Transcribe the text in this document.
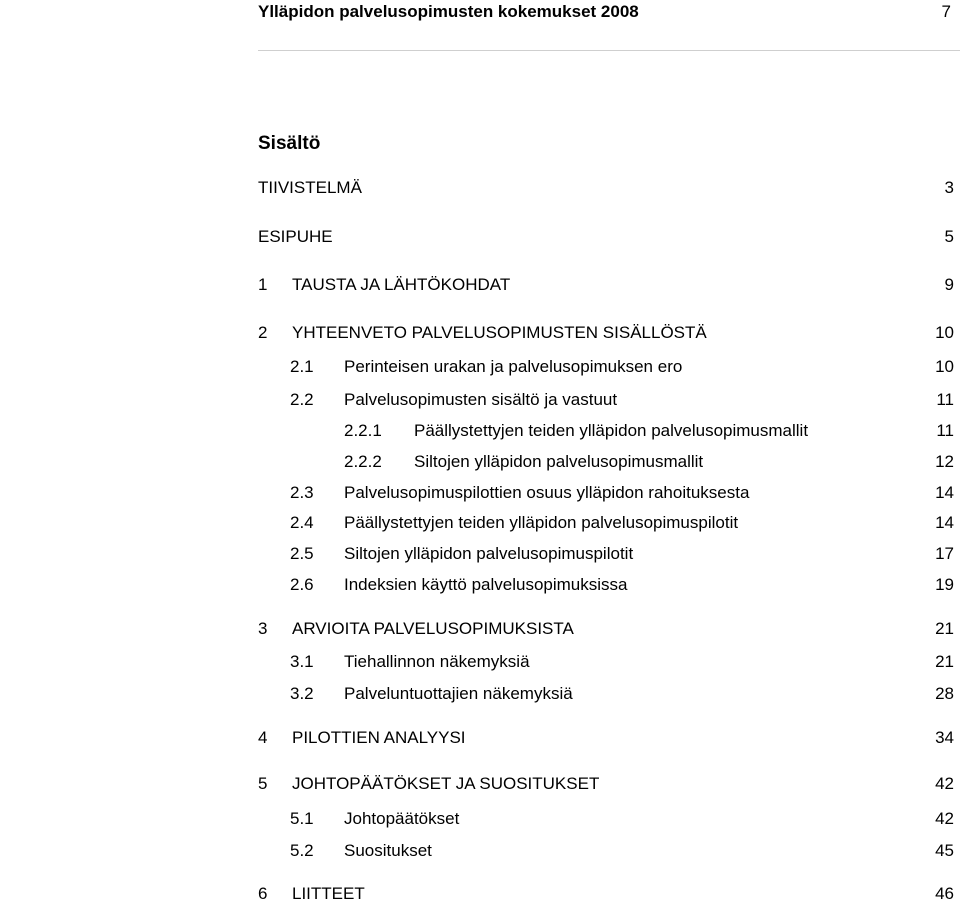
Ylläpidon palvelusopimusten kokemukset 2008	7
Sisältö
TIIVISTELMÄ	3
ESIPUHE	5
1 TAUSTA JA LÄHTÖKOHDAT	9
2 YHTEENVETO PALVELUSOPIMUSTEN SISÄLLÖSTÄ	10
2.1 Perinteisen urakan ja palvelusopimuksen ero	10
2.2 Palvelusopimusten sisältö ja vastuut	11
2.2.1 Päällystettyjen teiden ylläpidon palvelusopimusmallit	11
2.2.2 Siltojen ylläpidon palvelusopimusmallit	12
2.3 Palvelusopimuspilottien osuus ylläpidon rahoituksesta	14
2.4 Päällystettyjen teiden ylläpidon palvelusopimuspilotit	14
2.5 Siltojen ylläpidon palvelusopimuspilotit	17
2.6 Indeksien käyttö palvelusopimuksissa	19
3 ARVIOITA PALVELUSOPIMUKSISTA	21
3.1 Tiehallinnon näkemyksiä	21
3.2 Palveluntuottajien näkemyksiä	28
4 PILOTTIEN ANALYYSI	34
5 JOHTOPÄÄTÖKSET JA SUOSITUKSET	42
5.1 Johtopäätökset	42
5.2 Suositukset	45
6 LIITTEET	46
